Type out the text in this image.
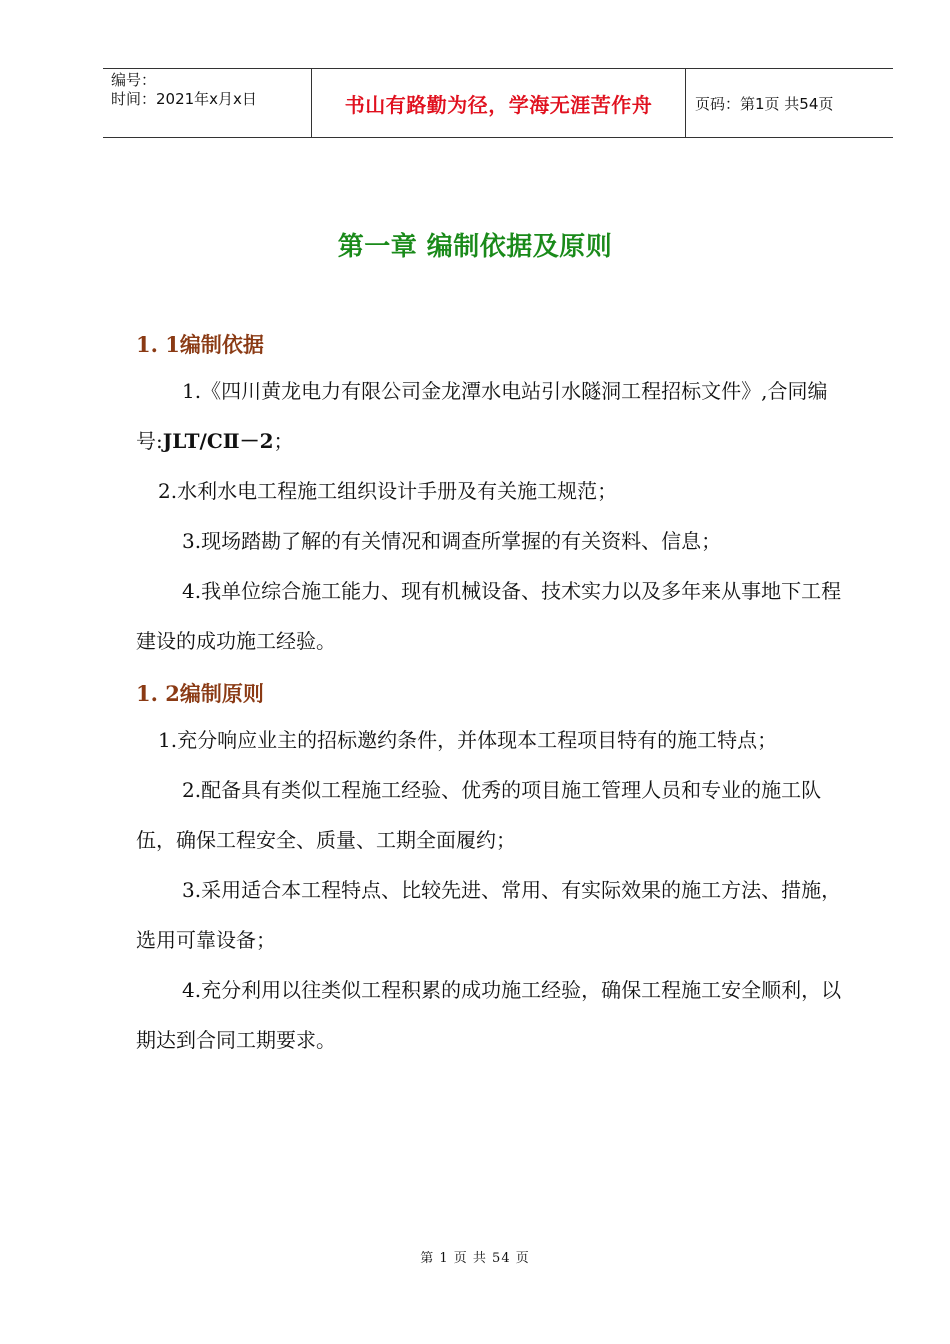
编号：
时间：2021年x月x日	书山有路勤为径，学海无涯苦作舟	页码：第1页 共54页
第一章 编制依据及原则
1. 1编制依据

1.《四川黄龙电力有限公司金龙潭水电站引水隧洞工程招标文件》,合同编号:JLT/CⅡ－2；

2.水利水电工程施工组织设计手册及有关施工规范；

3.现场踏勘了解的有关情况和调查所掌握的有关资料、信息；

4.我单位综合施工能力、现有机械设备、技术实力以及多年来从事地下工程建设的成功施工经验。

1. 2编制原则

1.充分响应业主的招标邀约条件，并体现本工程项目特有的施工特点；

2.配备具有类似工程施工经验、优秀的项目施工管理人员和专业的施工队伍，确保工程安全、质量、工期全面履约；

3.采用适合本工程特点、比较先进、常用、有实际效果的施工方法、措施，选用可靠设备；

4.充分利用以往类似工程积累的成功施工经验，确保工程施工安全顺利，以期达到合同工期要求。

第 1 页 共 54 页
